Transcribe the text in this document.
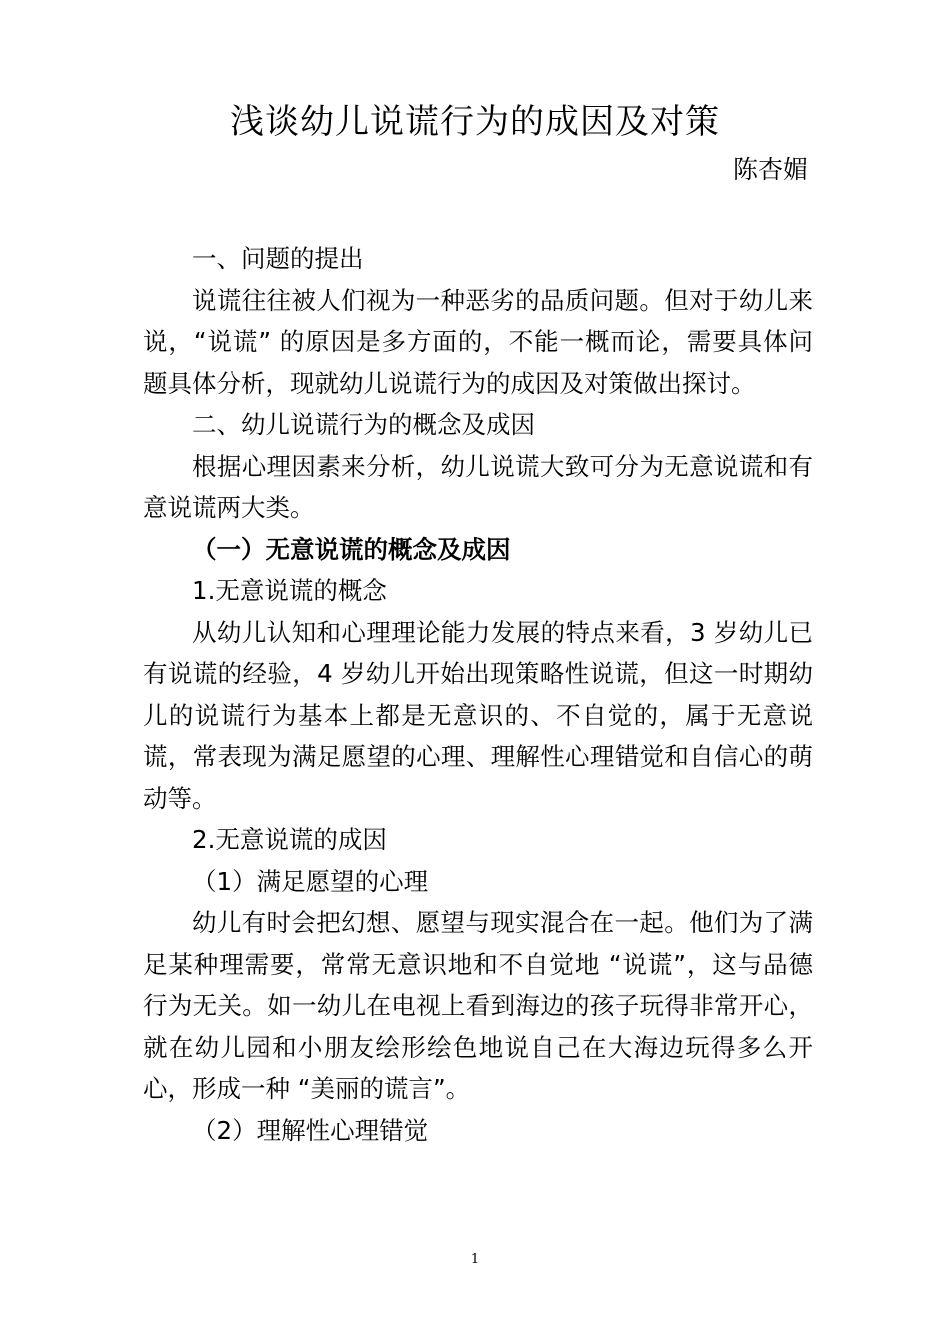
浅谈幼儿说谎行为的成因及对策
陈杏媚

一、问题的提出

说谎往往被人们视为一种恶劣的品质问题。但对于幼儿来说，“说谎” 的原因是多方面的，不能一概而论，需要具体问题具体分析，现就幼儿说谎行为的成因及对策做出探讨。

二、幼儿说谎行为的概念及成因

根据心理因素来分析，幼儿说谎大致可分为无意说谎和有意说谎两大类。

（一）无意说谎的概念及成因

1.无意说谎的概念

从幼儿认知和心理理论能力发展的特点来看，3 岁幼儿已有说谎的经验，4 岁幼儿开始出现策略性说谎，但这一时期幼儿的说谎行为基本上都是无意识的、不自觉的，属于无意说谎，常表现为满足愿望的心理、理解性心理错觉和自信心的萌动等。

2.无意说谎的成因

（1）满足愿望的心理

幼儿有时会把幻想、愿望与现实混合在一起。他们为了满足某种理需要，常常无意识地和不自觉地 “说谎”，这与品德行为无关。如一幼儿在电视上看到海边的孩子玩得非常开心，就在幼儿园和小朋友绘形绘色地说自己在大海边玩得多么开心，形成一种 “美丽的谎言”。

（2）理解性心理错觉

1
